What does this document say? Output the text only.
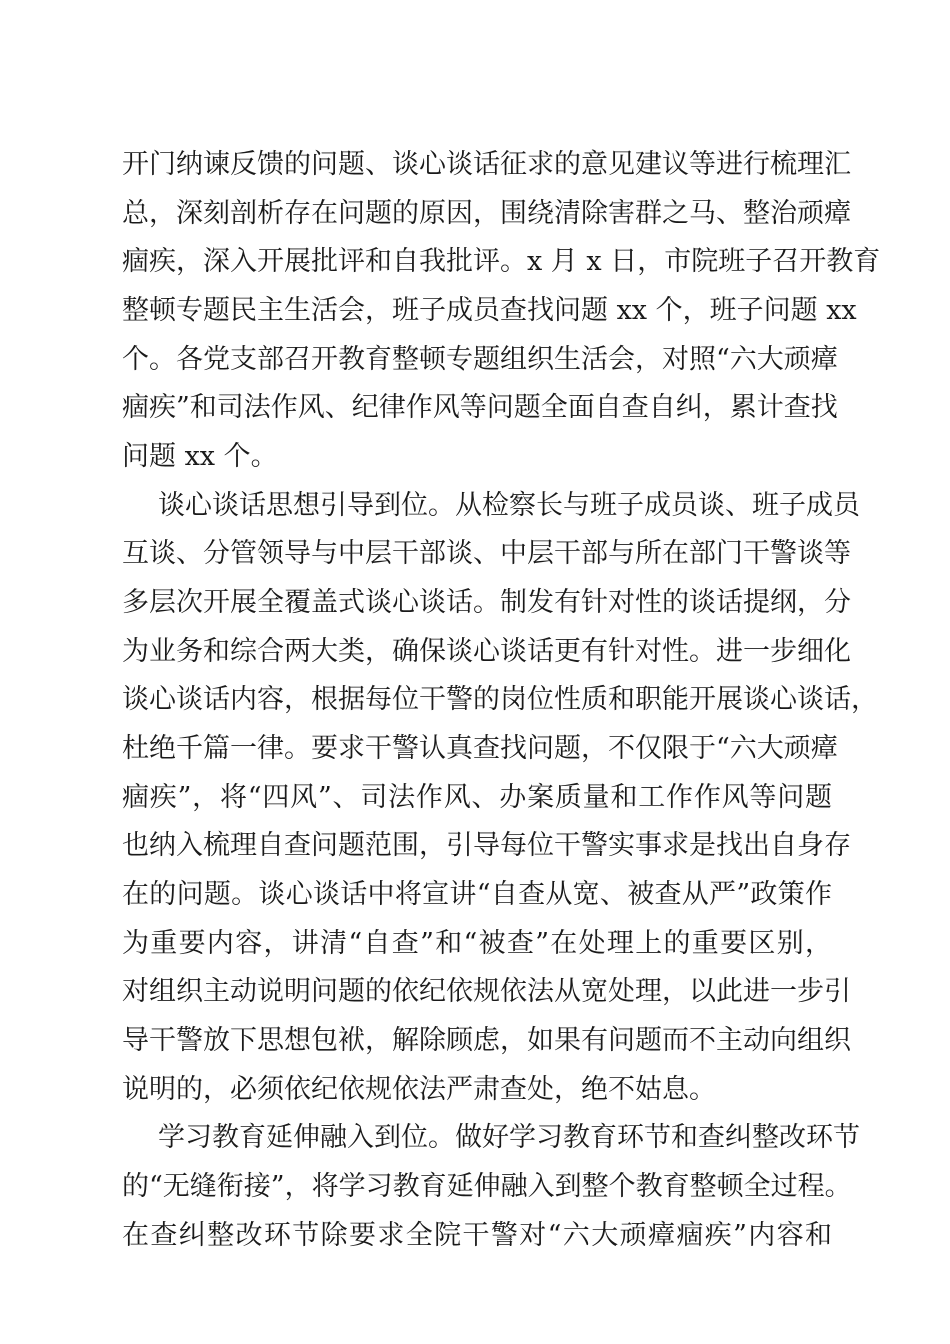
开门纳谏反馈的问题、谈心谈话征求的意见建议等进行梳理汇
总，深刻剖析存在问题的原因，围绕清除害群之马、整治顽瘴
痼疾，深入开展批评和自我批评。x 月 x 日，市院班子召开教育
整顿专题民主生活会，班子成员查找问题 xx 个，班子问题 xx
个。各党支部召开教育整顿专题组织生活会，对照“六大顽瘴
痼疾”和司法作风、纪律作风等问题全面自查自纠，累计查找
问题 xx 个。
谈心谈话思想引导到位。从检察长与班子成员谈、班子成员
互谈、分管领导与中层干部谈、中层干部与所在部门干警谈等
多层次开展全覆盖式谈心谈话。制发有针对性的谈话提纲，分
为业务和综合两大类，确保谈心谈话更有针对性。进一步细化
谈心谈话内容，根据每位干警的岗位性质和职能开展谈心谈话，
杜绝千篇一律。要求干警认真查找问题，不仅限于“六大顽瘴
痼疾”，将“四风”、司法作风、办案质量和工作作风等问题
也纳入梳理自查问题范围，引导每位干警实事求是找出自身存
在的问题。谈心谈话中将宣讲“自查从宽、被查从严”政策作
为重要内容，讲清“自查”和“被查”在处理上的重要区别，
对组织主动说明问题的依纪依规依法从宽处理，以此进一步引
导干警放下思想包袱，解除顾虑，如果有问题而不主动向组织
说明的，必须依纪依规依法严肃查处，绝不姑息。
学习教育延伸融入到位。做好学习教育环节和查纠整改环节
的“无缝衔接”，将学习教育延伸融入到整个教育整顿全过程。
在查纠整改环节除要求全院干警对“六大顽瘴痼疾”内容和
